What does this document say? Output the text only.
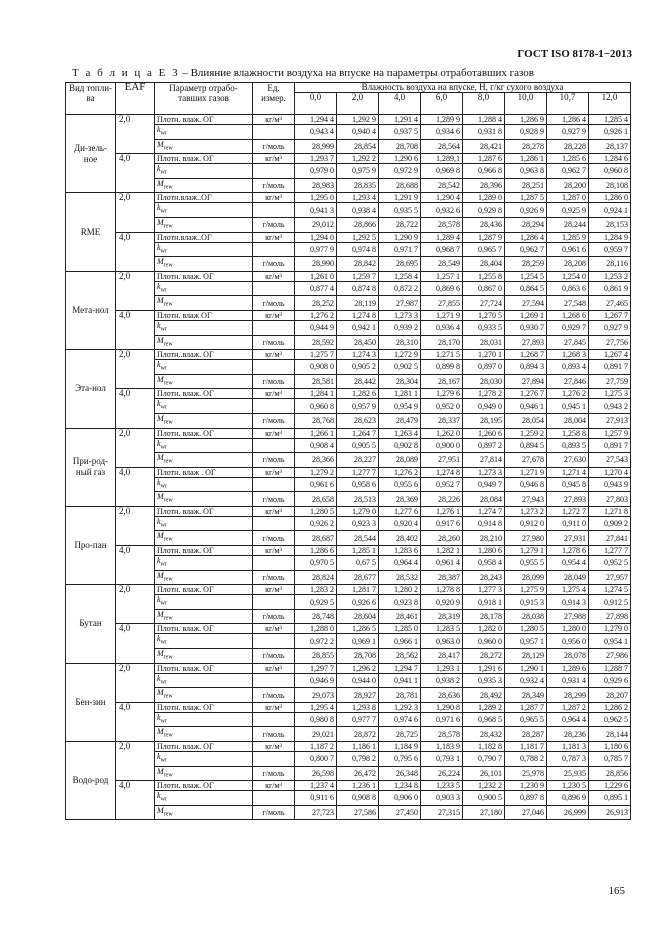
ГОСТ ISO 8178-1−2013
Т а б л и ц а Е 3 – Влияние влажности воздуха на впуске на параметры отработавших газов
Вид топли-ва	EAF	Параметр отрабо-тавших газов	Ед. измер.	Влажность воздуха на впуске, H, г/кг сухого воздуха							
				0,0	2,0	4,0	6,0	8,0	10,0	10,7	12,0
Ди-зель-ное	2,0	Плотн. влаж. ОГ	кг/м³	1,294 4	1,292 9	1,291 4	1,289 9	1,288 4	1,286 9	1,286 4	1,285 4
		$k_{wr}$		0,943 4	0,940 4	0,937 5	0,934 6	0,931 8	0,928 9	0,927 9	0,926 1
		$M_{rew}$	г/моль	28,999	28,854	28,708	28,564	28,421	28,278	28,228	28,137
	4,0	Плотн. влаж. ОГ	кг/м³	1,293 7	1,292 2	1,290 6	1,289,1	1,287 6	1,286 1	1,285 6	1,284 6
		$k_{wr}$		0,979 0	0,975 9	0,972 9	0,969 8	0,966 8	0,963 8	0,962 7	0,960 8
		$M_{rew}$	г/моль	28,983	28,835	28,688	28,542	28,396	28,251	28,200	28,108
RME	2,0	Плотн.влаж..ОГ	кг/м³	1,295 0	1,293 4	1,291 9	1,290 4	1,289 0	1,287 5	1,287 0	1,286 0
		$k_{wr}$		0,941 3	0,938 4	0,935 5	0,932 6	0,929 8	0,926 9	0,925 9	0,924 1
		$M_{rew}$	г/моль	29,012	28,866	28,722	28,578	28,436	28,294	28,244	28,153
	4,0	Плотн.влаж..ОГ	кг/м³	1,294 0	1,292 5	1,290 9	1,289 4	1,287 9	1,286 4	1,285 9	1,284 9
		$k_{wr}$		0,977 9	0,974 8	0,971 7	0,968 7	0,965 7	0,962 7	0,961 6	0,959 7
		$M_{rew}$	г/моль	28,990	28,842	28,695	28,549	28,404	28,259	28,208	28,116
Мета-нол	2,0	Плотн. влаж. ОГ	кг/м³	1,261 0	1,259 7	1,258 4	1,257 1	1,255 8	1,254 5	1,254 0	1,253 2
		$k_{wr}$		0,877 4	0,874 8	0,872 2	0,869 6	0,867 0	0,864 5	0,863 6	0,861 9
		$M_{rew}$	г/моль	28,252	28,119	27,987	27,855	27,724	27,594	27,548	27,465
	4,0	Плотн. влаж ОГ	кг/м³	1,276 2	1,274 8	1,273 3	1,271 9	1,270 5	1,269 1	1,268 6	1,267 7
		$k_{wr}$		0,944 9	0,942 1	0,939 2	0,936 4	0,933 5	0,930 7	0,929 7	0,927 9
		$M_{rew}$	г/моль	28,592	28,450	28,310	28,170	28,031	27,893	27,845	27,756
Эта-нол	2,0	Плотн..влаж. ОГ	кг/м³	1,275 7	1,274 3	1,272 9	1,271 5	1,270 1	1,268 7	1,268 3	1,267 4
		$k_{wr}$		0,908 0	0,905 2	0,902 5	0,899 8	0,897 0	0,894 3	0,893 4	0,891 7
		$M_{rew}$	г/моль	28,581	28,442	28,304	28,167	28,030	27,894	27,846	27,759
	4,0	Плотн. влаж. ОГ	кг/м³	1,284 1	1,282 6	1,281 1	1,279 6	1,278 2	1,276 7	1,276 2	1,275 3
		$k_{wr}$		0,960 8	0,957 9	0,954 9	0,952 0	0,949 0	0,946 1	0,945 1	0,943 2
		$M_{rew}$	г/моль	28,768	28,623	28,479	28,337	28,195	28,054	28,004	27,913
При-род-ный газ	2,0	Плотн. влаж. ОГ	кг/м³	1,266 1	1,264 7	1,263 4	1,262 0	1,260 6	1,259 2	1,258 8	1,257 9
		$k_{wr}$		0,908 4	0,905 5	0,902 8	0,900 0	0,897 2	0,894 5	0,893 5	0,891 7
		$M_{rew}$	г/моль	28,366	28,227	28,089	27,951	27,814	27,678	27,630	27,543
	4,0	Плотн. влаж . ОГ	кг/м³	1,279 2	1,277 7	1,276 2	1,274 8	1,273 3	1,271 9	1,271 4	1,270 4
		$k_{wr}$		0,961 6	0,958 6	0,955 6	0,952 7	0,949 7	0,946 8	0,945 8	0,943 9
		$M_{rew}$	г/моль	28,658	28,513	28,369	28,226	28,084	27,943	27,893	27,803
Про-пан	2,0	Плотн. влаж. ОГ	кг/м³	1,280 5	1,279 0	1,277 6	1,276 1	1,274 7	1,273 2	1,272 7	1,271 8
		$k_{wr}$		0,926 2	0,923 3	0,920 4	0,917 6	0,914 8	0,912 0	0,911 0	0,909 2
		$M_{rew}$	г/моль	28,687	28,544	28,402	28,260	28,210	27,980	27,931	27,841
	4,0	Плотн. влаж. ОГ	кг/м³	1,286 6	1,285 1	1,283 6	1,282 1	1,280 6	1,279 1	1,278 6	1,277 7
		$k_{wr}$		0,970 5	0,67 5	0,964 4	0,961 4	0,958 4	0,955 5	0,954 4	0,952 5
		$M_{rew}$	г/моль	28,824	28,677	28,532	28,387	28,243	28,099	28,049	27,957
Бутан	2,0	Плотн. влаж. ОГ	кг/м³	1,283 2	1,281 7	1,280 2	1,278 8	1,277 3	1,275 9	1,275 4	1,274 5
		$k_{wr}$		0,929 5	0,926 6	0,923 8	0,920 9	0,918 1	0,915 3	0,914 3	0,912 5
		$M_{rew}$	г/моль	28,748	28,604	28,461	28,319	28,178	28,038	27,988	27,898
	4,0	Плотн. влаж. ОГ	кг/м³	1,288 0	1,286 5	1,285 0	1,283 5	1,282 0	1,280 5	1,280 0	1,279 0
		$k_{wr}$		0,972 2	0,969 1	0,966 1	0,963 0	0,960 0	0,957 1	0,956 0	0,954 1
		$M_{rew}$	г/моль	28,855	28,708	28,562	28,417	28,272	28,129	28,078	27,986
Бен-зин	2,0	Плотн. влаж. ОГ	кг/м³	1,297 7	1,296 2	1,294 7	1,293 1	1,291 6	1,290 1	1,289 6	1,288 7
		$k_{wr}$		0,946 9	0,944 0	0,941 1	0,938 2	0,935 3	0,932 4	0,931 4	0,929 6
		$M_{rew}$	г/моль	29,073	28,927	28,781	28,636	28,492	28,349	28,299	28,207
	4,0	Плотн. влаж. ОГ	кг/м³	1,295 4	1,293 8	1,292 3	1,290 8	1,289 2	1,287 7	1,287 2	1,286 2
		$k_{wr}$		0,980 8	0,977 7	0,974 6	0,971 6	0,968 5	0,965 5	0,964 4	0,962 5
		$M_{rew}$	г/моль	29,021	28,872	28,725	28,578	28,432	28,287	28,236	28,144
Водо-род	2,0	Плотн. влаж. ОГ	кг/м³	1,187 2	1,186 1	1,184 9	1,183 9	1,182 8	1,181 7	1,181 3	1,180 6
		$k_{wr}$		0,800 7	0,798 2	0,795 6	0,793 1	0,790 7	0,788 2	0,787 3	0,785 7
		$M_{rew}$	г/моль	26,598	26,472	26,348	26,224	26,101	25,978	25,935	28,856
	4,0	Плотн. влаж. ОГ	кг/м³	1,237 4	1,236 1	1,234 8	1,233 5	1,232 2	1,230 9	1,230 5	1,229 6
		$k_{wr}$		0,911 6	0,908 8	0,906 0	0,903 3	0,900 5	0,897 8	0,896 9	0,895 1
		$M_{rew}$	г/моль	27,723	27,586	27,450	27,315	27,180	27,046	26,999	26,913
165
